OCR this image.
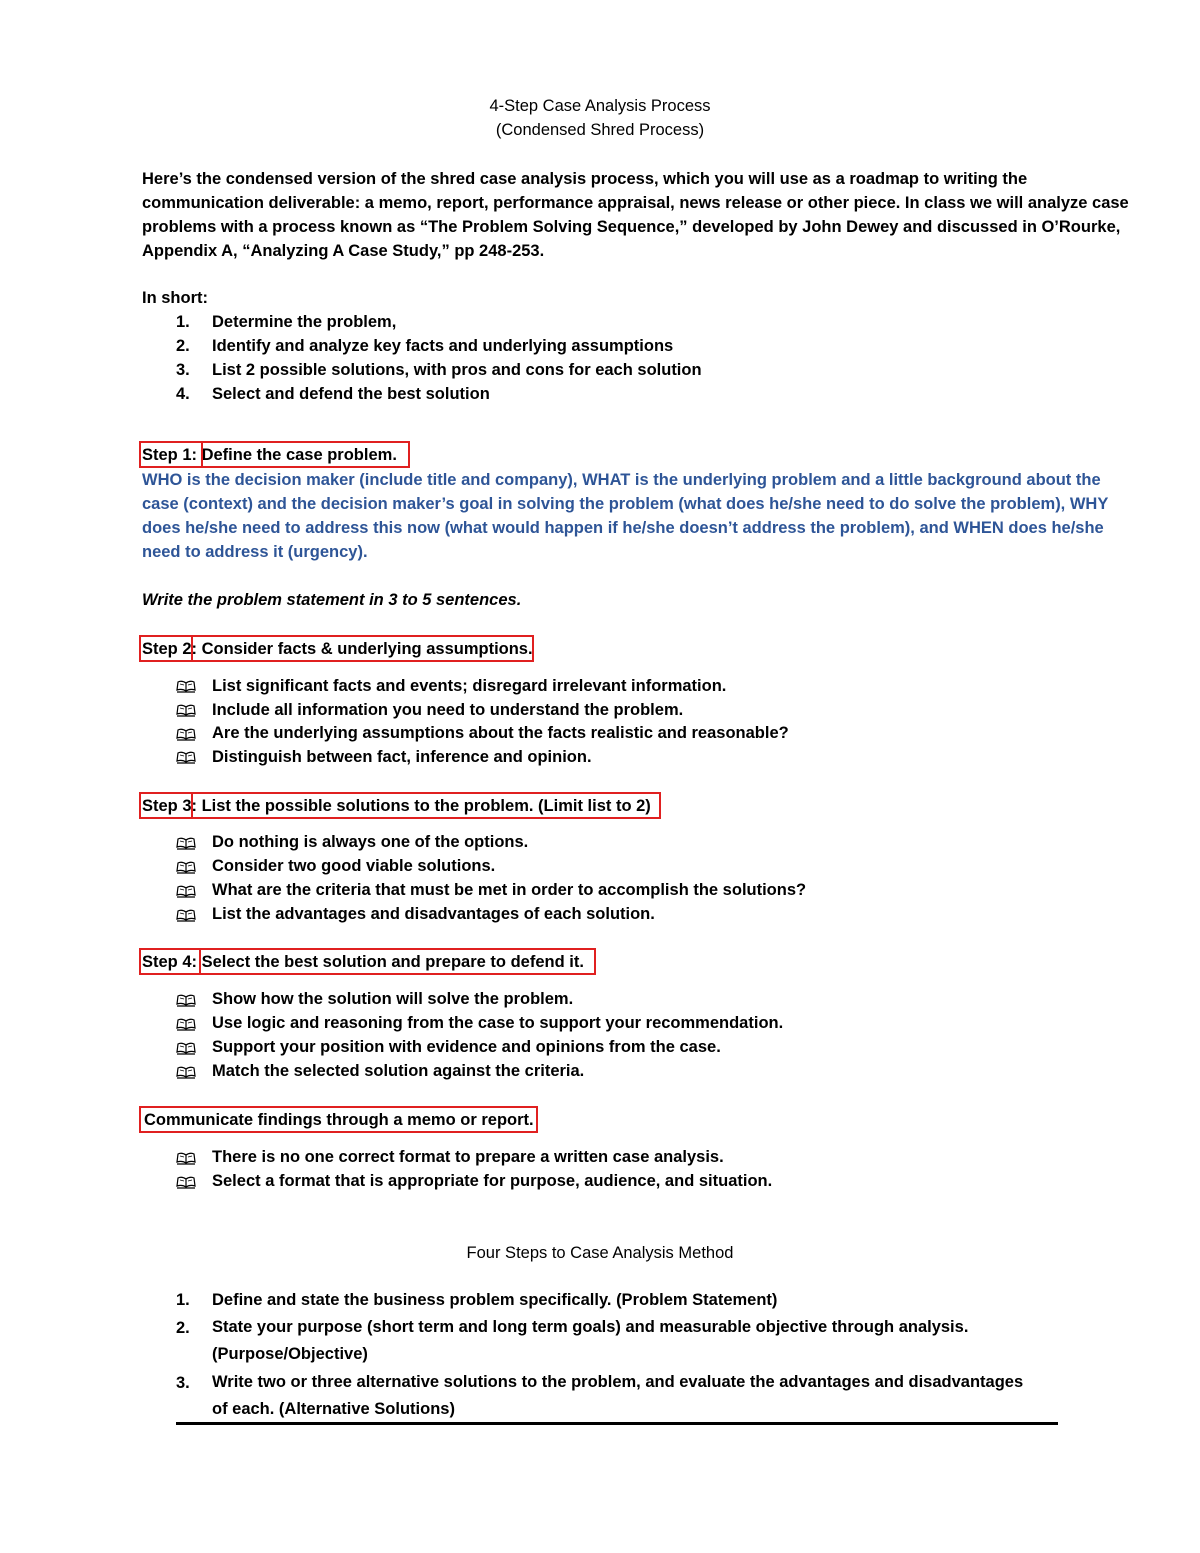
4-Step Case Analysis Process
(Condensed Shred Process)
Here’s the condensed version of the shred case analysis process, which you will use as a roadmap to writing the communication deliverable: a memo, report, performance appraisal, news release or other piece. In class we will analyze case problems with a process known as “The Problem Solving Sequence,” developed by John Dewey and discussed in O’Rourke, Appendix A, “Analyzing A Case Study,” pp 248-253.
In short:
1. Determine the problem,
2. Identify and analyze key facts and underlying assumptions
3. List 2 possible solutions, with pros and cons for each solution
4. Select and defend the best solution
Step 1: Define the case problem.
WHO is the decision maker (include title and company), WHAT is the underlying problem and a little background about the case (context) and the decision maker’s goal in solving the problem (what does he/she need to do solve the problem), WHY does he/she need to address this now (what would happen if he/she doesn’t address the problem), and WHEN does he/she need to address it (urgency).
Write the problem statement in 3 to 5 sentences.
Step 2: Consider facts & underlying assumptions.
List significant facts and events; disregard irrelevant information.
Include all information you need to understand the problem.
Are the underlying assumptions about the facts realistic and reasonable?
Distinguish between fact, inference and opinion.
Step 3: List the possible solutions to the problem. (Limit list to 2)
Do nothing is always one of the options.
Consider two good viable solutions.
What are the criteria that must be met in order to accomplish the solutions?
List the advantages and disadvantages of each solution.
Step 4: Select the best solution and prepare to defend it.
Show how the solution will solve the problem.
Use logic and reasoning from the case to support your recommendation.
Support your position with evidence and opinions from the case.
Match the selected solution against the criteria.
Communicate findings through a memo or report.
There is no one correct format to prepare a written case analysis.
Select a format that is appropriate for purpose, audience, and situation.
Four Steps to Case Analysis Method
1. Define and state the business problem specifically. (Problem Statement)
2. State your purpose (short term and long term goals) and measurable objective through analysis. (Purpose/Objective)
3. Write two or three alternative solutions to the problem, and evaluate the advantages and disadvantages of each. (Alternative Solutions)
